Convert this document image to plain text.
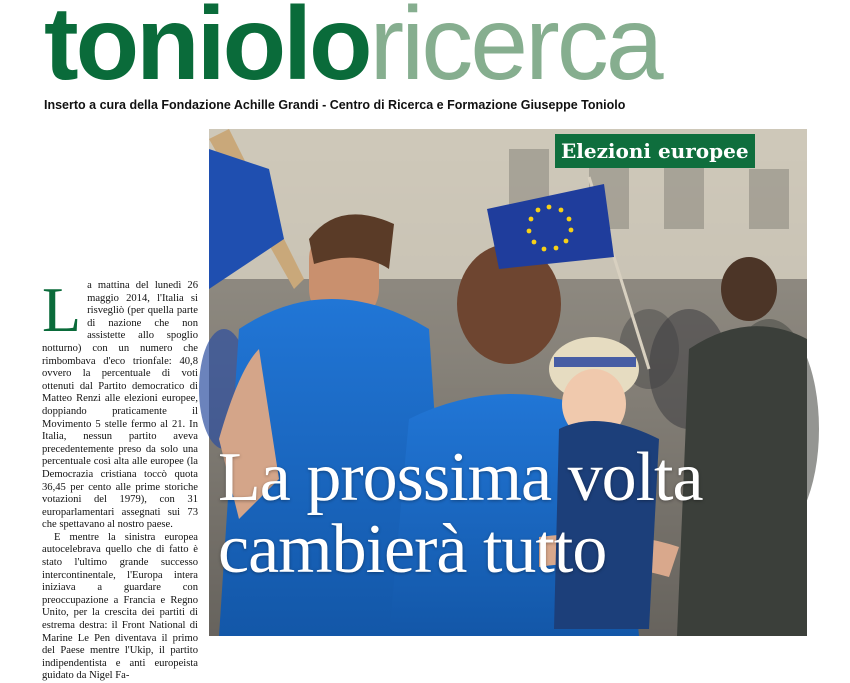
tonioloricerca
Inserto a cura della Fondazione Achille Grandi - Centro di Ricerca e Formazione Giuseppe Toniolo
L a mattina del lunedì 26 maggio 2014, l'Italia si risvegliò (per quella parte di nazione che non assistette allo spoglio notturno) con un numero che rimbombava d'eco trionfale: 40,8 ovvero la percentuale di voti ottenuti dal Partito democratico di Matteo Renzi alle elezioni europee, doppiando praticamente il Movimento 5 stelle fermo al 21. In Italia, nessun partito aveva precedentemente preso da solo una percentuale così alta alle europee (la Democrazia cristiana toccò quota 36,45 per cento alle prime storiche votazioni del 1979), con 31 europarlamentari assegnati sui 73 che spettavano al nostro paese.

E mentre la sinistra europea autocelebrava quello che di fatto è stato l'ultimo grande successo intercontinentale, l'Europa intera iniziava a guardare con preoccupazione a Francia e Regno Unito, per la crescita dei partiti di estrema destra: il Front National di Marine Le Pen diventava il primo del Paese mentre l'Ukip, il partito indipendentista e anti europeista guidato da Nigel Fa-

Elezioni europee
La prossima volta
cambierà tutto
